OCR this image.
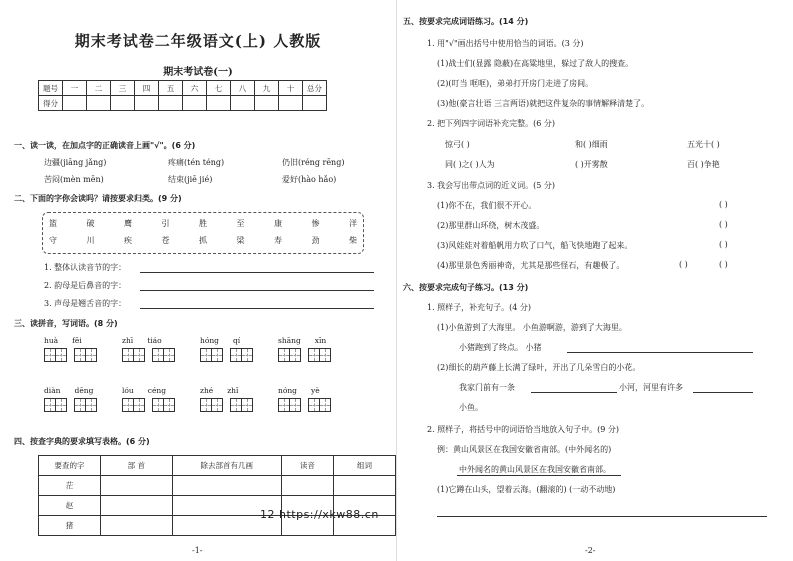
期末考试卷二年级语文(上) 人教版
期末考试卷(一)
题号	一	二	三	四	五	六	七	八	九	十	总分
得分											
一、读一读，在加点字的正确读音上画"√"。(6 分)
边疆(jiāng jǎng)	疼痛(tén téng)	仍旧(réng rēng)
苦闷(mèn mēn)	结束(jiē jié)	爱好(hào hǎo)
二、下面的字你会读吗？请按要求归类。(9 分)
篮	破	鹰	引	胜	至	康	惨	洋
守	川	疾	苍	抓	梁	寿	劲	柴
1. 整体认读音节的字：
2. 韵母是后鼻音的字：
3. 声母是翘舌音的字：
三、读拼音，写词语。(8 分)
huà fēi	zhī tiáo	hóng qí	shāng xīn
diàn dēng	lóu céng	zhé zhǐ	nóng yè
四、按查字典的要求填写表格。(6 分)
要查的字	部 首	除去部首有几画	读音	组词
茫				
赵				
猪				
-1-
五、按要求完成词语练习。(14 分)
1. 用"√"画出括号中使用恰当的词语。(3 分)
(1)战士们(显露 隐蔽)在高粱地里，躲过了敌人的搜查。
(2)(叮当 哐哐)，弟弟打开房门走进了房间。
(3)他(豪言壮语 三言两语)就把这件复杂的事情解释清楚了。
2. 把下列四字词语补充完整。(6 分)
惊弓( )	和( )细雨	五光十( )
同( )之( )人为	( )开雾散	百( )争艳
3. 我会写出带点词的近义词。(5 分)
(1)你不在，我们很不开心。	( )
(2)那里群山环绕，树木茂盛。	( )
(3)风娃娃对着船帆用力吹了口气，船飞快地跑了起来。	( )
(4)那里景色秀丽神奇，尤其是那些怪石，有趣极了。	( )	( )
六、按要求完成句子练习。(13 分)
1. 照样子，补充句子。(4 分)
(1)小鱼游到了大海里。 小鱼游啊游，游到了大海里。
小猪跑到了终点。 小猪
(2)细长的葫芦藤上长满了绿叶，开出了几朵雪白的小花。
我家门前有一条	小河，河里有许多
小鱼。
2. 照样子，将括号中的词语恰当地放入句子中。(9 分)
例：黄山风景区在我国安徽省南部。(中外闻名的)
中外闻名的黄山风景区在我国安徽省南部。
(1)它蹲在山头，望着云海。(翻滚的) (一动不动地)
-2-
12 https://xkw88.cn
